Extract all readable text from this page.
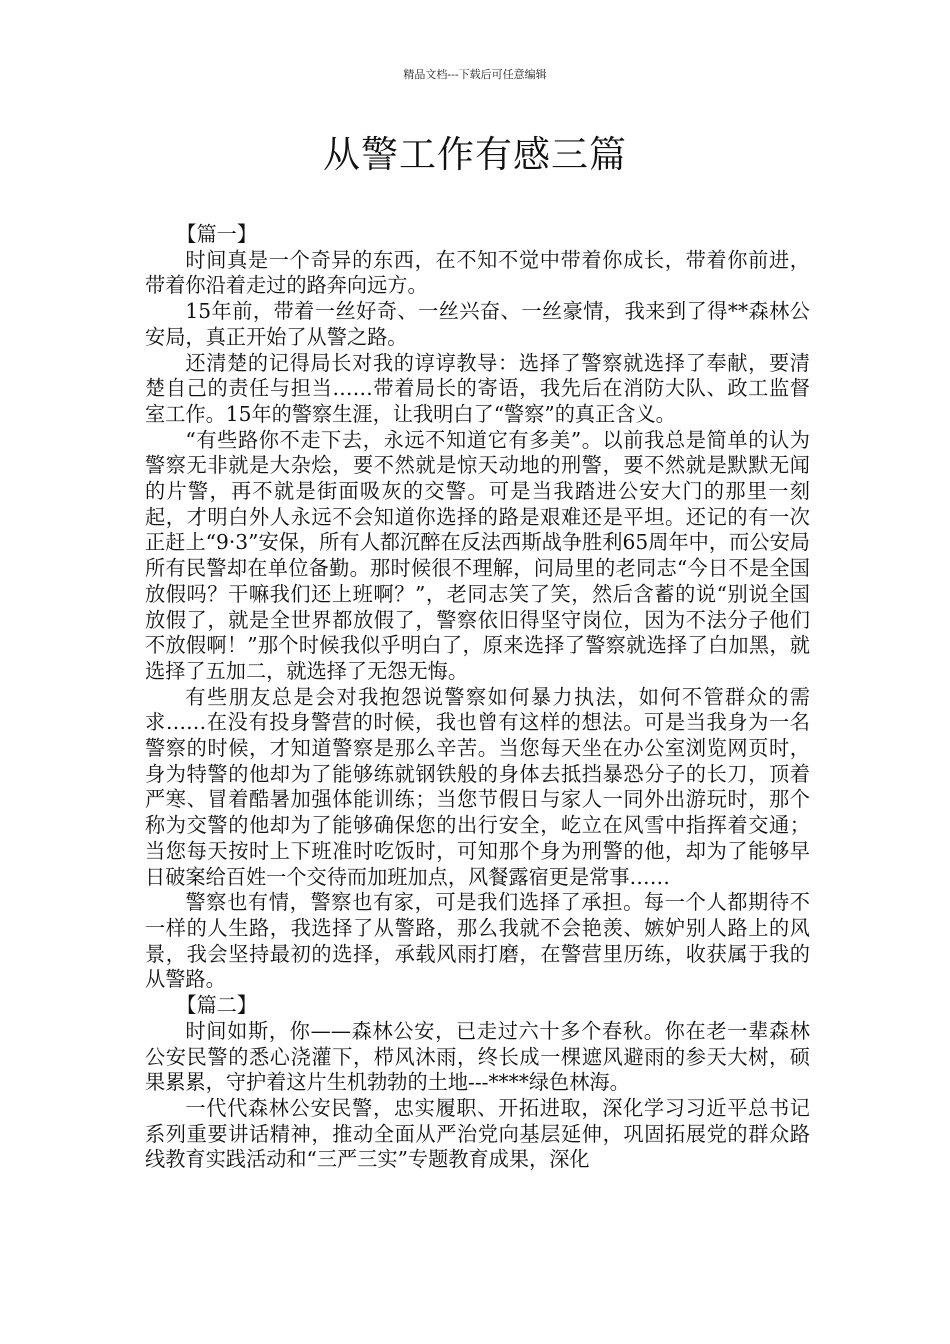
精品文档---下载后可任意编辑
从警工作有感三篇

【篇一】

时间真是一个奇异的东西，在不知不觉中带着你成长，带着你前进，带着你沿着走过的路奔向远方。

15年前，带着一丝好奇、一丝兴奋、一丝豪情，我来到了得**森林公安局，真正开始了从警之路。

还清楚的记得局长对我的谆谆教导：选择了警察就选择了奉献，要清楚自己的责任与担当……带着局长的寄语，我先后在消防大队、政工监督室工作。15年的警察生涯，让我明白了“警察”的真正含义。

“有些路你不走下去，永远不知道它有多美”。以前我总是简单的认为警察无非就是大杂烩，要不然就是惊天动地的刑警，要不然就是默默无闻的片警，再不就是街面吸灰的交警。可是当我踏进公安大门的那里一刻起，才明白外人永远不会知道你选择的路是艰难还是平坦。还记的有一次正赶上“9·3”安保，所有人都沉醉在反法西斯战争胜利65周年中，而公安局所有民警却在单位备勤。那时候很不理解，问局里的老同志“今日不是全国放假吗？干嘛我们还上班啊？”，老同志笑了笑，然后含蓄的说“别说全国放假了，就是全世界都放假了，警察依旧得坚守岗位，因为不法分子他们不放假啊！”那个时候我似乎明白了，原来选择了警察就选择了白加黑，就选择了五加二，就选择了无怨无悔。

有些朋友总是会对我抱怨说警察如何暴力执法，如何不管群众的需求……在没有投身警营的时候，我也曾有这样的想法。可是当我身为一名警察的时候，才知道警察是那么辛苦。当您每天坐在办公室浏览网页时，身为特警的他却为了能够练就钢铁般的身体去抵挡暴恐分子的长刀，顶着严寒、冒着酷暑加强体能训练；当您节假日与家人一同外出游玩时，那个称为交警的他却为了能够确保您的出行安全，屹立在风雪中指挥着交通；当您每天按时上下班准时吃饭时，可知那个身为刑警的他，却为了能够早日破案给百姓一个交待而加班加点，风餐露宿更是常事……

警察也有情，警察也有家，可是我们选择了承担。每一个人都期待不一样的人生路，我选择了从警路，那么我就不会艳羡、嫉妒别人路上的风景，我会坚持最初的选择，承载风雨打磨，在警营里历练，收获属于我的从警路。

【篇二】

时间如斯，你——森林公安，已走过六十多个春秋。你在老一辈森林公安民警的悉心浇灌下，栉风沐雨，终长成一棵遮风避雨的参天大树，硕果累累，守护着这片生机勃勃的土地---****绿色林海。

一代代森林公安民警，忠实履职、开拓进取，深化学习习近平总书记系列重要讲话精神，推动全面从严治党向基层延伸，巩固拓展党的群众路线教育实践活动和“三严三实”专题教育成果，深化
